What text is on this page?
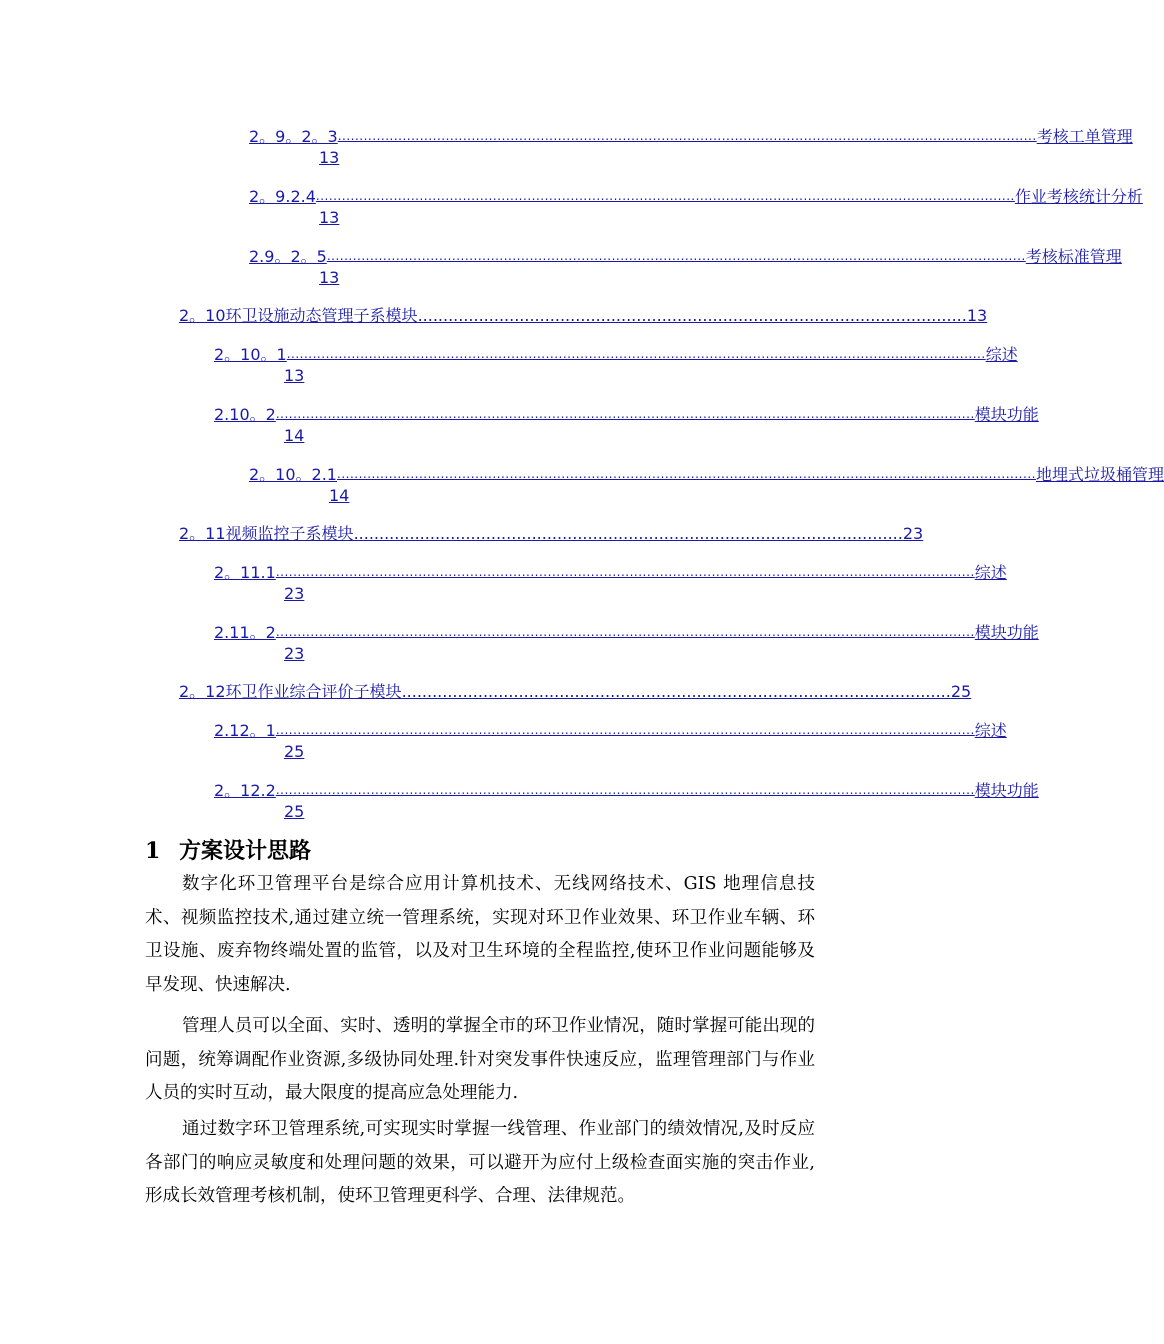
2。9。2。3 .................................................................................................................................................................. 考核工单管理
13
2。9.2.4 .................................................................................................................................................................. 作业考核统计分析
13
2.9。2。5 .................................................................................................................................................................. 考核标准管理
13
2。10 环卫设施动态管理子系模块 ............................................................................................................ 13
2。10。1 .................................................................................................................................................................. 综述
13
2.10。2 .................................................................................................................................................................. 模块功能
14
2。10。2.1 .................................................................................................................................................................. 地埋式垃圾桶管理
14
2。11 视频监控子系模块 ............................................................................................................ 23
2。11.1 .................................................................................................................................................................. 综述
23
2.11。2 .................................................................................................................................................................. 模块功能
23
2。12 环卫作业综合评价子模块 ............................................................................................................ 25
2.12。1 .................................................................................................................................................................. 综述
25
2。12.2 .................................................................................................................................................................. 模块功能
25
1 方案设计思路

数字化环卫管理平台是综合应用计算机技术、无线网络技术、GIS 地理信息技术、视频监控技术,通过建立统一管理系统，实现对环卫作业效果、环卫作业车辆、环卫设施、废弃物终端处置的监管，以及对卫生环境的全程监控,使环卫作业问题能够及早发现、快速解决.

管理人员可以全面、实时、透明的掌握全市的环卫作业情况，随时掌握可能出现的问题，统筹调配作业资源,多级协同处理.针对突发事件快速反应，监理管理部门与作业人员的实时互动，最大限度的提高应急处理能力.

通过数字环卫管理系统,可实现实时掌握一线管理、作业部门的绩效情况,及时反应各部门的响应灵敏度和处理问题的效果，可以避开为应付上级检查面实施的突击作业,形成长效管理考核机制，使环卫管理更科学、合理、法律规范。
